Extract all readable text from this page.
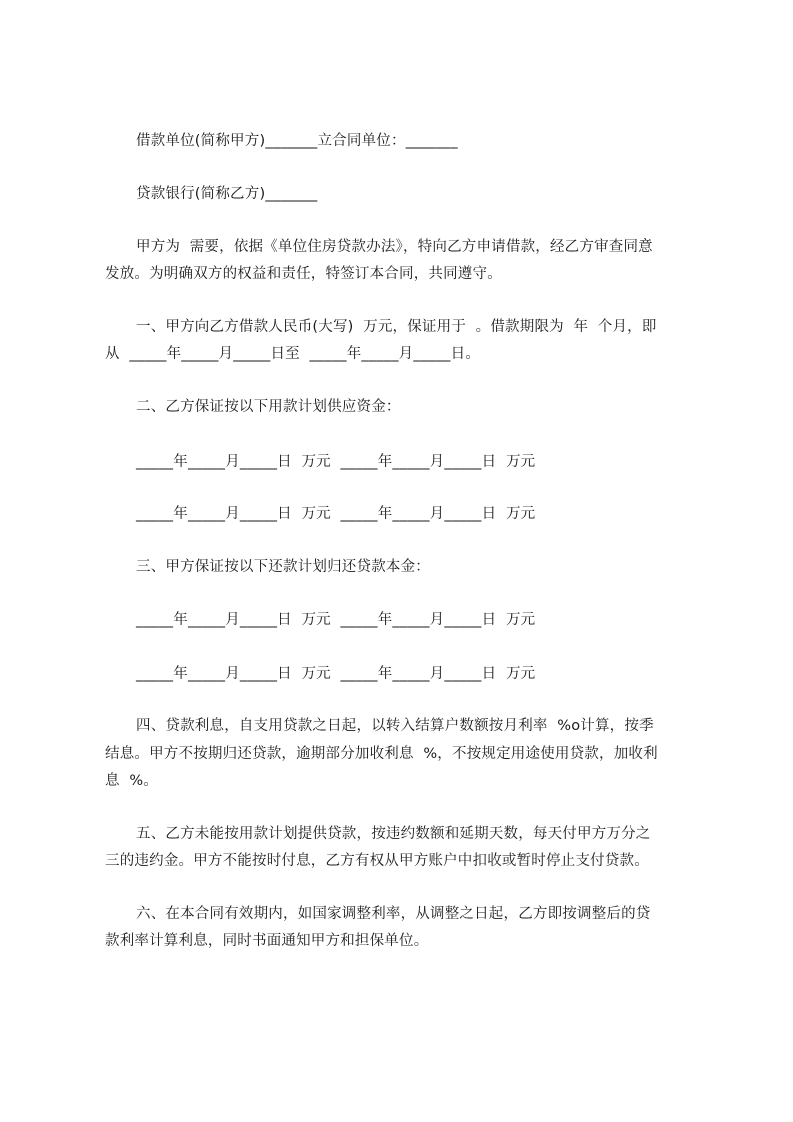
借款单位(简称甲方)_______立合同单位：_______
贷款银行(简称乙方)_______
甲方为  需要，依据《单位住房贷款办法》，特向乙方申请借款，经乙方审查同意
发放。为明确双方的权益和责任，特签订本合同，共同遵守。
一、甲方向乙方借款人民币(大写)  万元，保证用于  。借款期限为  年  个月，即
从  _____年_____月_____日至  _____年_____月_____日。
二、乙方保证按以下用款计划供应资金：
_____年_____月_____日  万元  _____年_____月_____日  万元
_____年_____月_____日  万元  _____年_____月_____日  万元
三、甲方保证按以下还款计划归还贷款本金：
_____年_____月_____日  万元  _____年_____月_____日  万元
_____年_____月_____日  万元  _____年_____月_____日  万元
四、贷款利息，自支用贷款之日起，以转入结算户数额按月利率  %o计算，按季
结息。甲方不按期归还贷款，逾期部分加收利息  %，不按规定用途使用贷款，加收利
息  %。
五、乙方未能按用款计划提供贷款，按违约数额和延期天数，每天付甲方万分之
三的违约金。甲方不能按时付息，乙方有权从甲方账户中扣收或暂时停止支付贷款。
六、在本合同有效期内，如国家调整利率，从调整之日起，乙方即按调整后的贷
款利率计算利息，同时书面通知甲方和担保单位。
